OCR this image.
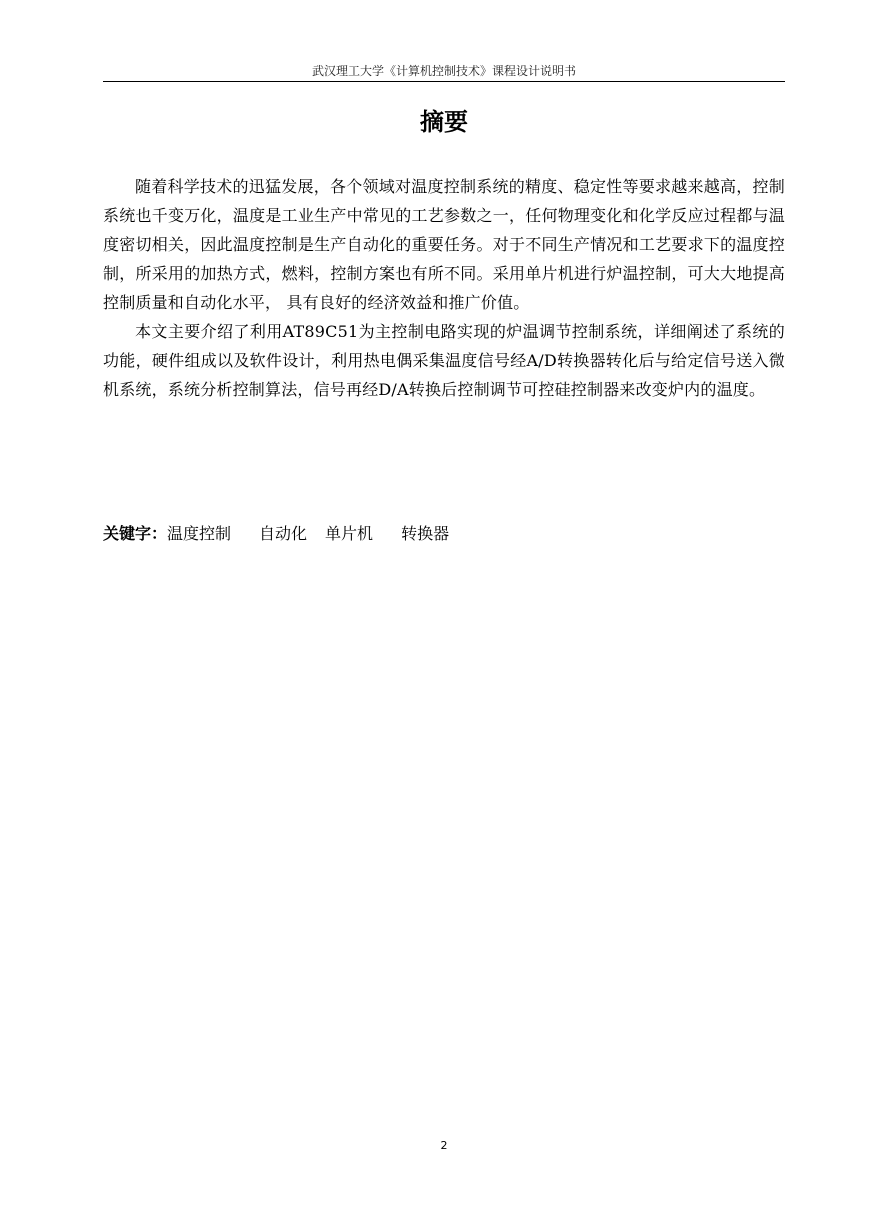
武汉理工大学《计算机控制技术》课程设计说明书
摘要

随着科学技术的迅猛发展，各个领域对温度控制系统的精度、稳定性等要求越来越高，控制系统也千变万化，温度是工业生产中常见的工艺参数之一，任何物理变化和化学反应过程都与温度密切相关，因此温度控制是生产自动化的重要任务。对于不同生产情况和工艺要求下的温度控制，所采用的加热方式，燃料，控制方案也有所不同。采用单片机进行炉温控制，可大大地提高控制质量和自动化水平， 具有良好的经济效益和推广价值。

本文主要介绍了利用AT89C51为主控制电路实现的炉温调节控制系统，详细阐述了系统的功能，硬件组成以及软件设计，利用热电偶采集温度信号经A/D转换器转化后与给定信号送入微机系统，系统分析控制算法，信号再经D/A转换后控制调节可控硅控制器来改变炉内的温度。

关键字：温度控制 自动化 单片机 转换器
2
